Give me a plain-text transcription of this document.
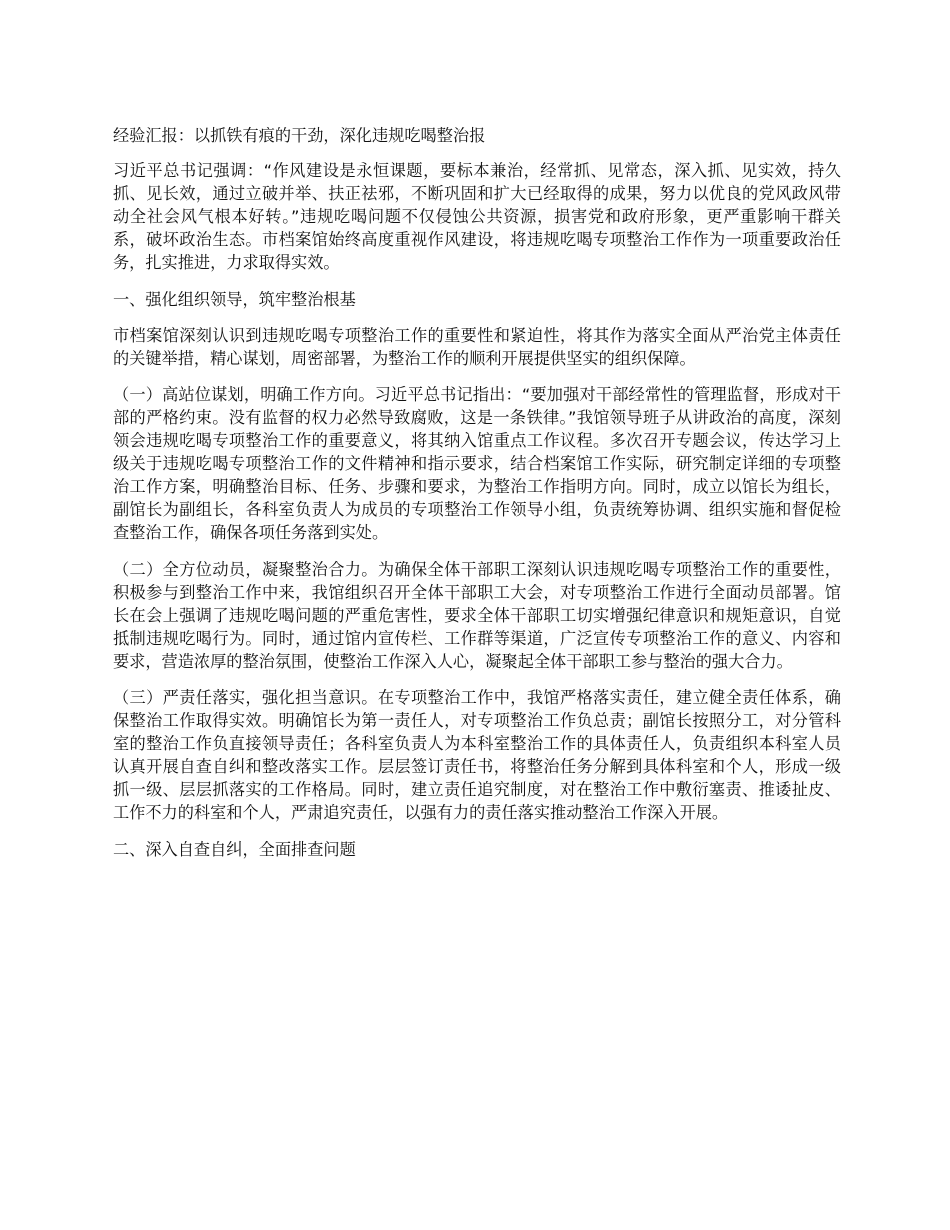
经验汇报：以抓铁有痕的干劲，深化违规吃喝整治报

习近平总书记强调：“作风建设是永恒课题，要标本兼治，经常抓、见常态，深入抓、见实效，持久抓、见长效，通过立破并举、扶正祛邪，不断巩固和扩大已经取得的成果，努力以优良的党风政风带动全社会风气根本好转。”违规吃喝问题不仅侵蚀公共资源，损害党和政府形象，更严重影响干群关系，破坏政治生态。市档案馆始终高度重视作风建设，将违规吃喝专项整治工作作为一项重要政治任务，扎实推进，力求取得实效。

一、强化组织领导，筑牢整治根基

市档案馆深刻认识到违规吃喝专项整治工作的重要性和紧迫性，将其作为落实全面从严治党主体责任的关键举措，精心谋划，周密部署，为整治工作的顺利开展提供坚实的组织保障。

（一）高站位谋划，明确工作方向。习近平总书记指出：“要加强对干部经常性的管理监督，形成对干部的严格约束。没有监督的权力必然导致腐败，这是一条铁律。”我馆领导班子从讲政治的高度，深刻领会违规吃喝专项整治工作的重要意义，将其纳入馆重点工作议程。多次召开专题会议，传达学习上级关于违规吃喝专项整治工作的文件精神和指示要求，结合档案馆工作实际，研究制定详细的专项整治工作方案，明确整治目标、任务、步骤和要求，为整治工作指明方向。同时，成立以馆长为组长，副馆长为副组长，各科室负责人为成员的专项整治工作领导小组，负责统筹协调、组织实施和督促检查整治工作，确保各项任务落到实处。

（二）全方位动员，凝聚整治合力。为确保全体干部职工深刻认识违规吃喝专项整治工作的重要性，积极参与到整治工作中来，我馆组织召开全体干部职工大会，对专项整治工作进行全面动员部署。馆长在会上强调了违规吃喝问题的严重危害性，要求全体干部职工切实增强纪律意识和规矩意识，自觉抵制违规吃喝行为。同时，通过馆内宣传栏、工作群等渠道，广泛宣传专项整治工作的意义、内容和要求，营造浓厚的整治氛围，使整治工作深入人心，凝聚起全体干部职工参与整治的强大合力。

（三）严责任落实，强化担当意识。在专项整治工作中，我馆严格落实责任，建立健全责任体系，确保整治工作取得实效。明确馆长为第一责任人，对专项整治工作负总责；副馆长按照分工，对分管科室的整治工作负直接领导责任；各科室负责人为本科室整治工作的具体责任人，负责组织本科室人员认真开展自查自纠和整改落实工作。层层签订责任书，将整治任务分解到具体科室和个人，形成一级抓一级、层层抓落实的工作格局。同时，建立责任追究制度，对在整治工作中敷衍塞责、推诿扯皮、工作不力的科室和个人，严肃追究责任，以强有力的责任落实推动整治工作深入开展。

二、深入自查自纠，全面排查问题
